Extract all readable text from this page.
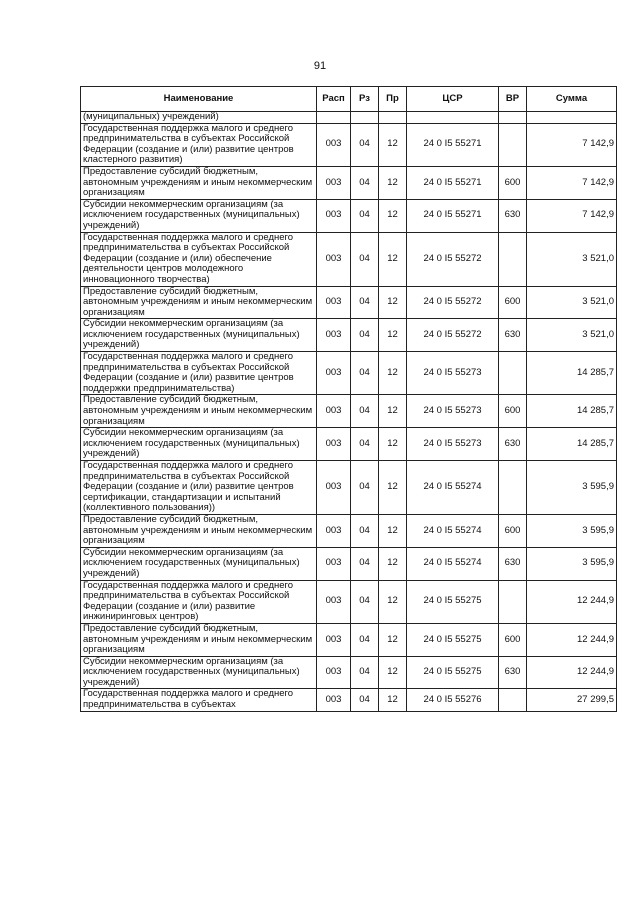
91
Наименование	Расп	Рз	Пр	ЦСР	ВР	Сумма
(муниципальных) учреждений)						
Государственная поддержка малого и среднего предпринимательства в субъектах Российской Федерации (создание и (или) развитие центров кластерного развития)	003	04	12	24 0 I5 55271		7 142,9
Предоставление субсидий бюджетным, автономным учреждениям и иным некоммерческим организациям	003	04	12	24 0 I5 55271	600	7 142,9
Субсидии некоммерческим организациям (за исключением государственных (муниципальных) учреждений)	003	04	12	24 0 I5 55271	630	7 142,9
Государственная поддержка малого и среднего предпринимательства в субъектах Российской Федерации (создание и (или) обеспечение деятельности центров молодежного инновационного творчества)	003	04	12	24 0 I5 55272		3 521,0
Предоставление субсидий бюджетным, автономным учреждениям и иным некоммерческим организациям	003	04	12	24 0 I5 55272	600	3 521,0
Субсидии некоммерческим организациям (за исключением государственных (муниципальных) учреждений)	003	04	12	24 0 I5 55272	630	3 521,0
Государственная поддержка малого и среднего предпринимательства в субъектах Российской Федерации (создание и (или) развитие центров поддержки предпринимательства)	003	04	12	24 0 I5 55273		14 285,7
Предоставление субсидий бюджетным, автономным учреждениям и иным некоммерческим организациям	003	04	12	24 0 I5 55273	600	14 285,7
Субсидии некоммерческим организациям (за исключением государственных (муниципальных) учреждений)	003	04	12	24 0 I5 55273	630	14 285,7
Государственная поддержка малого и среднего предпринимательства в субъектах Российской Федерации (создание и (или) развитие центров сертификации, стандартизации и испытаний (коллективного пользования))	003	04	12	24 0 I5 55274		3 595,9
Предоставление субсидий бюджетным, автономным учреждениям и иным некоммерческим организациям	003	04	12	24 0 I5 55274	600	3 595,9
Субсидии некоммерческим организациям (за исключением государственных (муниципальных) учреждений)	003	04	12	24 0 I5 55274	630	3 595,9
Государственная поддержка малого и среднего предпринимательства в субъектах Российской Федерации (создание и (или) развитие инжиниринговых центров)	003	04	12	24 0 I5 55275		12 244,9
Предоставление субсидий бюджетным, автономным учреждениям и иным некоммерческим организациям	003	04	12	24 0 I5 55275	600	12 244,9
Субсидии некоммерческим организациям (за исключением государственных (муниципальных) учреждений)	003	04	12	24 0 I5 55275	630	12 244,9
Государственная поддержка малого и среднего предпринимательства в субъектах	003	04	12	24 0 I5 55276		27 299,5
